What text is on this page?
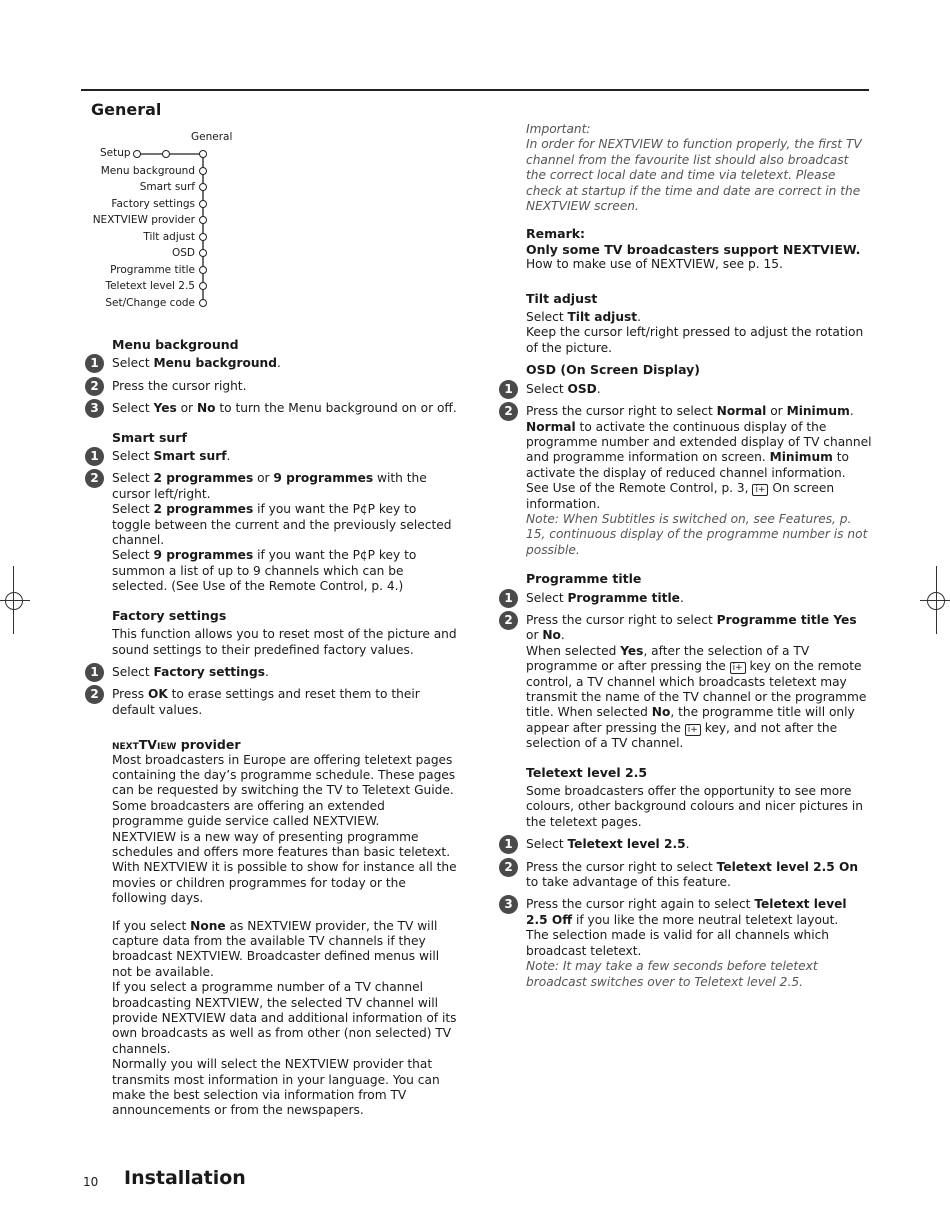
General
General
Setup
Menu background
Smart surf
Factory settings
NEXTVIEW provider
Tilt adjust
OSD
Programme title
Teletext level 2.5
Set/Change code
Menu background
1	Select Menu background.
2	Press the cursor right.
3	Select Yes or No to turn the Menu background on or off.
Smart surf
1	Select Smart surf.
2	Select 2 programmes or 9 programmes with the cursor left/right.
Select 2 programmes if you want the P¢P key to toggle between the current and the previously selected channel.
Select 9 programmes if you want the P¢P key to summon a list of up to 9 channels which can be selected. (See Use of the Remote Control, p. 4.)
Factory settings

This function allows you to reset most of the picture and sound settings to their predefined factory values.

1	Select Factory settings.
2	Press OK to erase settings and reset them to their default values.
nextTView provider

Most broadcasters in Europe are offering teletext pages containing the day’s programme schedule. These pages can be requested by switching the TV to Teletext Guide.

Some broadcasters are offering an extended programme guide service called NEXTVIEW.

NEXTVIEW is a new way of presenting programme schedules and offers more features than basic teletext. With NEXTVIEW it is possible to show for instance all the movies or children programmes for today or the following days.

If you select None as NEXTVIEW provider, the TV will capture data from the available TV channels if they broadcast NEXTVIEW. Broadcaster defined menus will not be available.

If you select a programme number of a TV channel broadcasting NEXTVIEW, the selected TV channel will provide NEXTVIEW data and additional information of its own broadcasts as well as from other (non selected) TV channels.

Normally you will select the NEXTVIEW provider that transmits most information in your language. You can make the best selection via information from TV announcements or from the newspapers.

Important:

In order for NEXTVIEW to function properly, the first TV channel from the favourite list should also broadcast the correct local date and time via teletext. Please check at startup if the time and date are correct in the NEXTVIEW screen.

Remark:

Only some TV broadcasters support NEXTVIEW.

How to make use of NEXTVIEW, see p. 15.

Tilt adjust

Select Tilt adjust.

Keep the cursor left/right pressed to adjust the rotation of the picture.

OSD (On Screen Display)
1	Select OSD.
2	Press the cursor right to select Normal or Minimum.
Normal to activate the continuous display of the programme number and extended display of TV channel and programme information on screen. Minimum to activate the display of reduced channel information.
See Use of the Remote Control, p. 3, i+ On screen information.
Note: When Subtitles is switched on, see Features, p. 15, continuous display of the programme number is not possible.
Programme title
1	Select Programme title.
2	Press the cursor right to select Programme title Yes or No.
When selected Yes, after the selection of a TV programme or after pressing the i+ key on the remote control, a TV channel which broadcasts teletext may transmit the name of the TV channel or the programme title. When selected No, the programme title will only appear after pressing the i+ key, and not after the selection of a TV channel.
Teletext level 2.5

Some broadcasters offer the opportunity to see more colours, other background colours and nicer pictures in the teletext pages.

1	Select Teletext level 2.5.
2	Press the cursor right to select Teletext level 2.5 On to take advantage of this feature.
3	Press the cursor right again to select Teletext level 2.5 Off if you like the more neutral teletext layout.
The selection made is valid for all channels which broadcast teletext.
Note: It may take a few seconds before teletext broadcast switches over to Teletext level 2.5.
10 Installation
